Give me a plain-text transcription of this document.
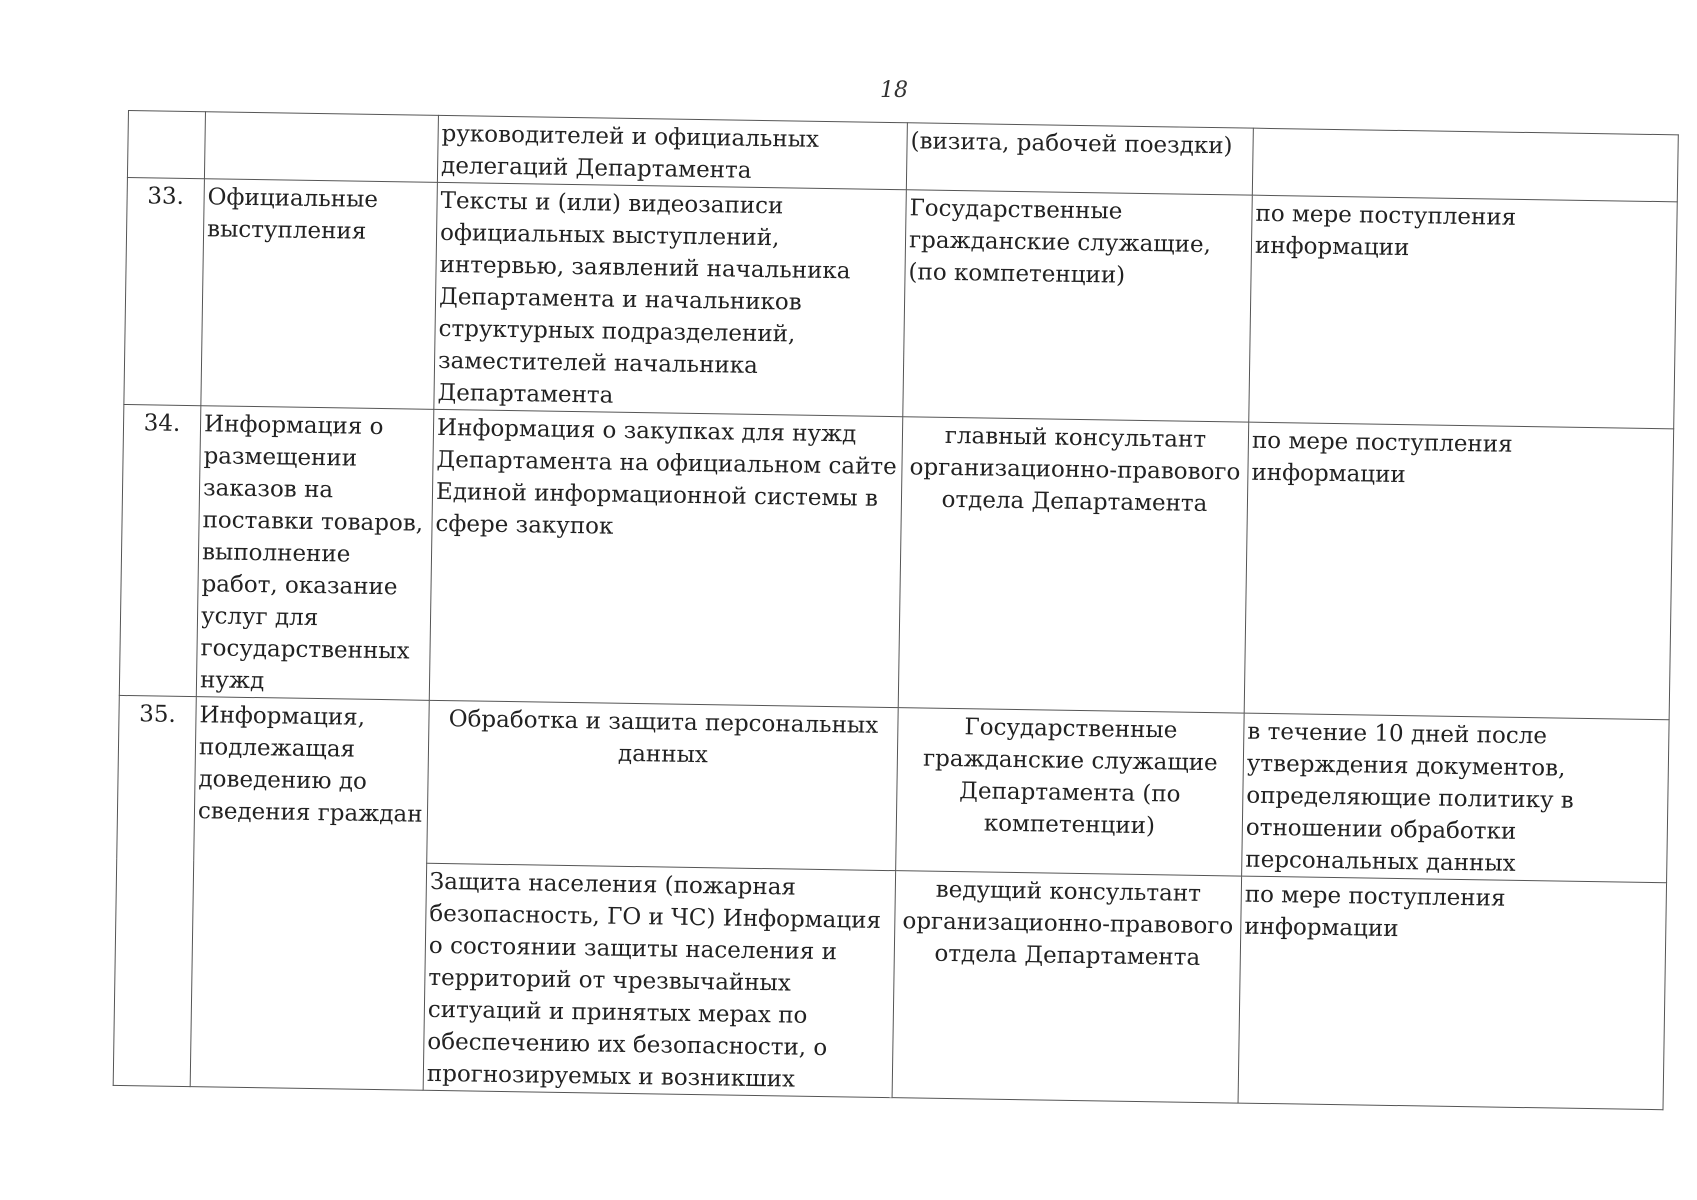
18
		руководителей и официальных делегаций Департамента	(визита, рабочей поездки)	
33.	Официальные выступления	Тексты и (или) видеозаписи официальных выступлений, интервью, заявлений начальника Департамента и начальников структурных подразделений, заместителей начальника Департамента	Государственные гражданские служащие, (по компетенции)	по мере поступления информации
34.	Информация о размещении заказов на поставки товаров, выполнение работ, оказание услуг для государственных нужд	Информация о закупках для нужд Департамента на официальном сайте Единой информационной системы в сфере закупок	главный консультант организационно-правового отдела Департамента	по мере поступления информации
35.	Информация, подлежащая доведению до сведения граждан	Обработка и защита персональных данных	Государственные гражданские служащие Департамента (по компетенции)	в течение 10 дней после утверждения документов, определяющие политику в отношении обработки персональных данных
		Защита населения (пожарная безопасность, ГО и ЧС) Информация о состоянии защиты населения и территорий от чрезвычайных ситуаций и принятых мерах по обеспечению их безопасности, о прогнозируемых и возникших	ведущий консультант организационно-правового отдела Департамента	по мере поступления информации
